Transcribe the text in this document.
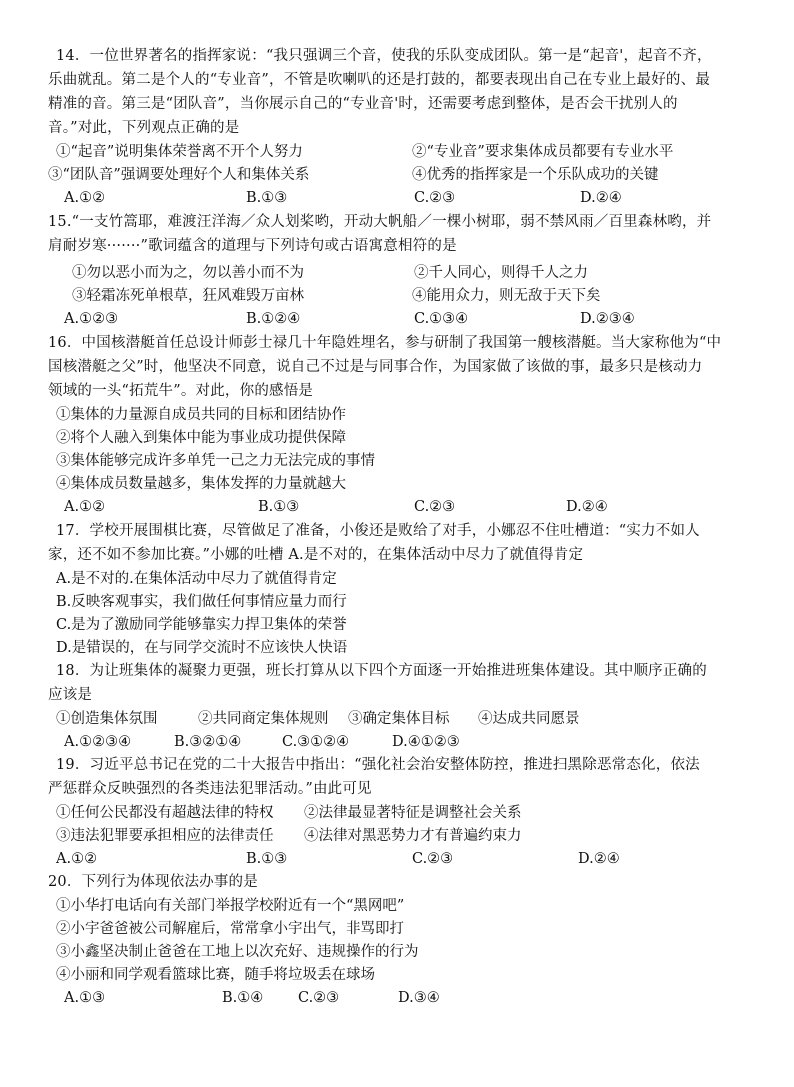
14．一位世界著名的指挥家说：“我只强调三个音，使我的乐队变成团队。第一是“起音'，起音不齐，
乐曲就乱。第二是个人的“专业音”，不管是吹喇叭的还是打鼓的，都要表现出自己在专业上最好的、最
精准的音。第三是“团队音”，当你展示自己的“专业音'时，还需要考虑到整体，是否会干扰别人的
音。”对此，下列观点正确的是
①“起音”说明集体荣誉离不开个人努力	②“专业音”要求集体成员都要有专业水平
③“团队音”强调要处理好个人和集体关系	④优秀的指挥家是一个乐队成功的关键
A.①②	B.①③	C.②③	D.②④
15.“一支竹篙耶，难渡汪洋海／众人划桨哟，开动大帆船／一棵小树耶，弱不禁风雨／百里森林哟，并
肩耐岁寒·······”歌词蕴含的道理与下列诗句或古语寓意相符的是
①勿以恶小而为之，勿以善小而不为	②千人同心，则得千人之力
③轻霜冻死单根草，狂风难毁万亩林	④能用众力，则无敌于天下矣
A.①②③	B.①②④	C.①③④	D.②③④
16．中国核潜艇首任总设计师彭士禄几十年隐姓埋名，参与研制了我国第一艘核潜艇。当大家称他为“中
国核潜艇之父”时，他坚决不同意，说自己不过是与同事合作，为国家做了该做的事，最多只是核动力
领域的一头“拓荒牛”。对此，你的感悟是
①集体的力量源自成员共同的目标和团结协作
②将个人融入到集体中能为事业成功提供保障
③集体能够完成许多单凭一己之力无法完成的事情
④集体成员数量越多，集体发挥的力量就越大
A.①②	B.①③	C.②③	D.②④
17．学校开展围棋比赛，尽管做足了准备，小俊还是败给了对手，小娜忍不住吐槽道：“实力不如人
家，还不如不参加比赛。”小娜的吐槽 A.是不对的，在集体活动中尽力了就值得肯定
A.是不对的.在集体活动中尽力了就值得肯定
B.反映客观事实，我们做任何事情应量力而行
C.是为了激励同学能够靠实力捍卫集体的荣誉
D.是错误的，在与同学交流时不应该快人快语
18．为让班集体的凝聚力更强，班长打算从以下四个方面逐一开始推进班集体建设。其中顺序正确的
应该是
①创造集体氛围	②共同商定集体规则 ③确定集体目标 ④达成共同愿景
A.①②③④	B.③②①④	C.③①②④	D.④①②③
19．习近平总书记在党的二十大报告中指出：“强化社会治安整体防控，推进扫黑除恶常态化，依法
严惩群众反映强烈的各类违法犯罪活动。”由此可见
①任何公民都没有超越法律的特权 ②法律最显著特征是调整社会关系
③违法犯罪要承担相应的法律责任 ④法律对黑恶势力才有普遍约束力
A.①②	B.①③	C.②③	D.②④
20．下列行为体现依法办事的是
①小华打电话向有关部门举报学校附近有一个“黑网吧”
②小宇爸爸被公司解雇后，常常拿小宇出气，非骂即打
③小鑫坚决制止爸爸在工地上以次充好、违规操作的行为
④小丽和同学观看篮球比赛，随手将垃圾丢在球场
A.①③	B.①④ C.②③	D.③④
